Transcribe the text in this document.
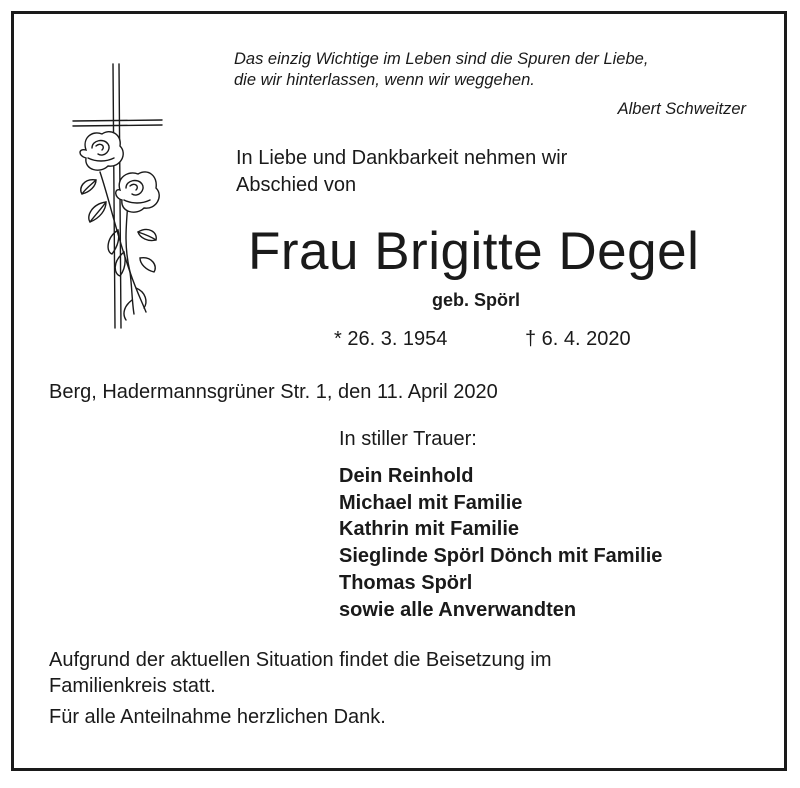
Das einzig Wichtige im Leben sind die Spuren der Liebe,
die wir hinterlassen, wenn wir weggehen.
Albert Schweitzer
In Liebe und Dankbarkeit nehmen wir
Abschied von
Frau Brigitte Degel
geb. Spörl
* 26. 3. 1954	† 6. 4. 2020
Berg, Hadermannsgrüner Str. 1, den 11. April 2020
In stiller Trauer:
Dein Reinhold
Michael mit Familie
Kathrin mit Familie
Sieglinde Spörl Dönch mit Familie
Thomas Spörl
sowie alle Anverwandten
Aufgrund der aktuellen Situation findet die Beisetzung im
Familienkreis statt.
Für alle Anteilnahme herzlichen Dank.
